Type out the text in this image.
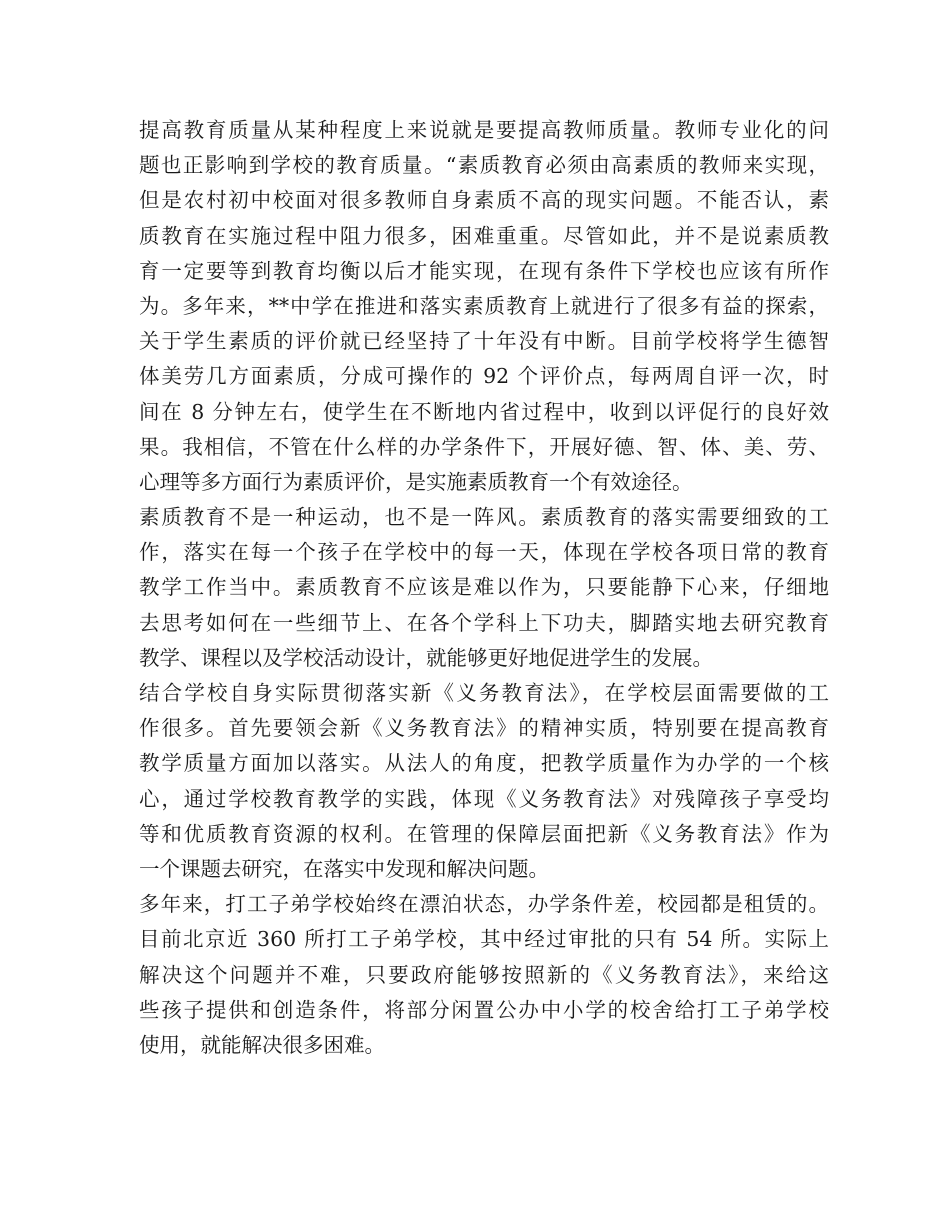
提高教育质量从某种程度上来说就是要提高教师质量。教师专业化的问
题也正影响到学校的教育质量。“素质教育必须由高素质的教师来实现，
但是农村初中校面对很多教师自身素质不高的现实问题。不能否认，素
质教育在实施过程中阻力很多，困难重重。尽管如此，并不是说素质教
育一定要等到教育均衡以后才能实现，在现有条件下学校也应该有所作
为。多年来，**中学在推进和落实素质教育上就进行了很多有益的探索，
关于学生素质的评价就已经坚持了十年没有中断。目前学校将学生德智
体美劳几方面素质，分成可操作的 92 个评价点，每两周自评一次，时
间在 8 分钟左右，使学生在不断地内省过程中，收到以评促行的良好效
果。我相信，不管在什么样的办学条件下，开展好德、智、体、美、劳、
心理等多方面行为素质评价，是实施素质教育一个有效途径。
素质教育不是一种运动，也不是一阵风。素质教育的落实需要细致的工
作，落实在每一个孩子在学校中的每一天，体现在学校各项日常的教育
教学工作当中。素质教育不应该是难以作为，只要能静下心来，仔细地
去思考如何在一些细节上、在各个学科上下功夫，脚踏实地去研究教育
教学、课程以及学校活动设计，就能够更好地促进学生的发展。
结合学校自身实际贯彻落实新《义务教育法》，在学校层面需要做的工
作很多。首先要领会新《义务教育法》的精神实质，特别要在提高教育
教学质量方面加以落实。从法人的角度，把教学质量作为办学的一个核
心，通过学校教育教学的实践，体现《义务教育法》对残障孩子享受均
等和优质教育资源的权利。在管理的保障层面把新《义务教育法》作为
一个课题去研究，在落实中发现和解决问题。
多年来，打工子弟学校始终在漂泊状态，办学条件差，校园都是租赁的。
目前北京近 360 所打工子弟学校，其中经过审批的只有 54 所。实际上
解决这个问题并不难，只要政府能够按照新的《义务教育法》，来给这
些孩子提供和创造条件，将部分闲置公办中小学的校舍给打工子弟学校
使用，就能解决很多困难。
